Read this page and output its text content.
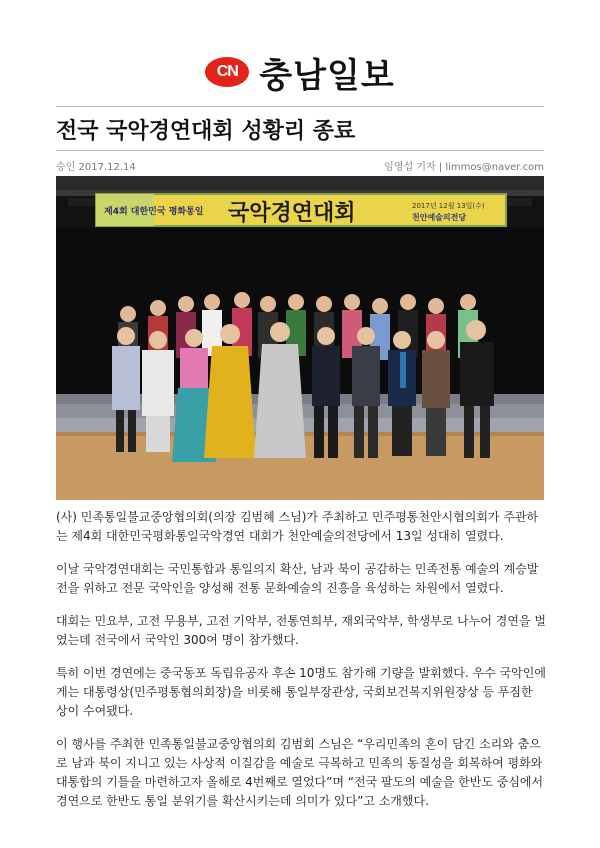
CN 충남일보
전국 국악경연대회 성황리 종료
승인 2017.12.14	임영섭 기자 | limmos@naver.com
제4회 대한민국 평화통일 국악경연대회	2017년 12월 13일(수)
천안예술의전당

(사) 민족통일불교중앙협의회(의장 김범혜 스님)가 주최하고 민주평통천안시협의회가 주관하는 제4회 대한민국평화통일국악경연 대회가 천안예술의전당에서 13일 성대히 열렸다.

이날 국악경연대회는 국민통합과 통일의지 확산, 남과 북이 공감하는 민족전통 예술의 계승발전을 위하고 전문 국악인을 양성해 전통 문화예술의 진흥을 육성하는 차원에서 열렸다.

대회는 민요부, 고전 무용부, 고전 기악부, 전통연희부, 재외국악부, 학생부로 나누어 경연을 벌였는데 전국에서 국악인 300여 명이 참가했다.

특히 이번 경연에는 중국동포 독립유공자 후손 10명도 참가해 기량을 발휘했다. 우수 국악인에게는 대통령상(민주평통협의회장)을 비롯해 통일부장관상, 국회보건복지위원장상 등 푸짐한 상이 수여됐다.

이 행사를 주최한 민족통일불교중앙협의회 김범회 스님은 “우리민족의 혼이 담긴 소리와 춤으로 남과 북이 지니고 있는 사상적 이질감을 예술로 극복하고 민족의 동질성을 회복하여 평화와 대통합의 기틀을 마련하고자 올해로 4번째로 열었다”며 “전국 팔도의 예술을 한반도 중심에서 경연으로 한반도 통일 분위기를 확산시키는데 의미가 있다”고 소개했다.
